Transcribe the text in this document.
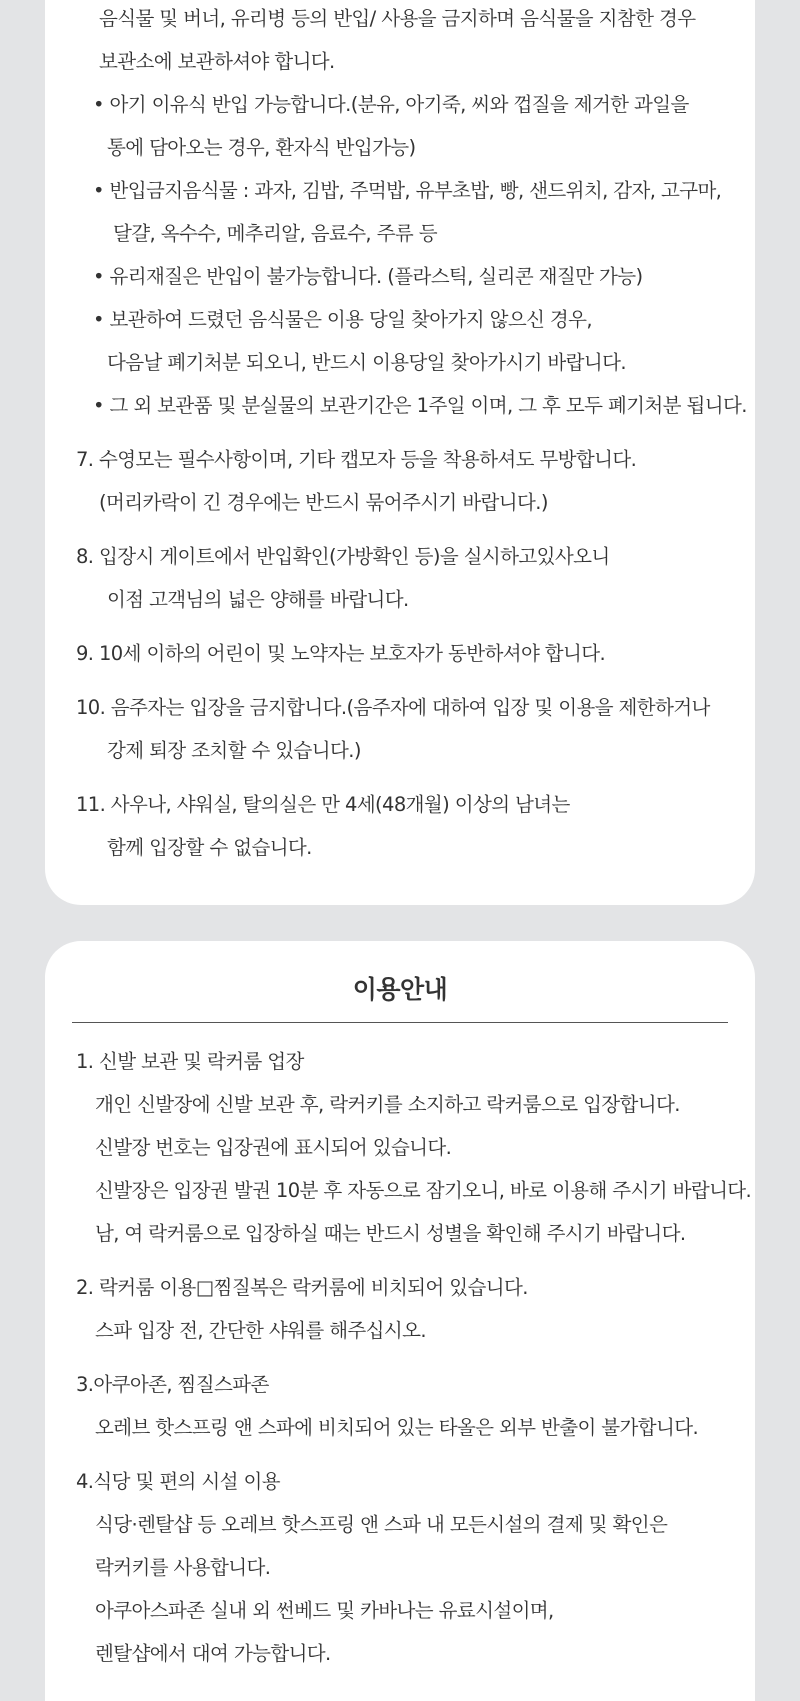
음식물 및 버너, 유리병 등의 반입/ 사용을 금지하며 음식물을 지참한 경우
보관소에 보관하셔야 합니다.
• 아기 이유식 반입 가능합니다.(분유, 아기죽, 씨와 껍질을 제거한 과일을
통에 담아오는 경우, 환자식 반입가능)
• 반입금지음식물 : 과자, 김밥, 주먹밥, 유부초밥, 빵, 샌드위치, 감자, 고구마,
달걀, 옥수수, 메추리알, 음료수, 주류 등
• 유리재질은 반입이 불가능합니다. (플라스틱, 실리콘 재질만 가능)
• 보관하여 드렸던 음식물은 이용 당일 찾아가지 않으신 경우,
다음날 폐기처분 되오니, 반드시 이용당일 찾아가시기 바랍니다.
• 그 외 보관품 및 분실물의 보관기간은 1주일 이며, 그 후 모두 폐기처분 됩니다.
7. 수영모는 필수사항이며, 기타 캡모자 등을 착용하셔도 무방합니다.
(머리카락이 긴 경우에는 반드시 묶어주시기 바랍니다.)
8. 입장시 게이트에서 반입확인(가방확인 등)을 실시하고있사오니
이점 고객님의 넓은 양해를 바랍니다.
9. 10세 이하의 어린이 및 노약자는 보호자가 동반하셔야 합니다.
10. 음주자는 입장을 금지합니다.(음주자에 대하여 입장 및 이용을 제한하거나
강제 퇴장 조치할 수 있습니다.)
11. 사우나, 샤워실, 탈의실은 만 4세(48개월) 이상의 남녀는
함께 입장할 수 없습니다.
이용안내
1. 신발 보관 및 락커룸 업장
개인 신발장에 신발 보관 후, 락커키를 소지하고 락커룸으로 입장합니다.
신발장 번호는 입장권에 표시되어 있습니다.
신발장은 입장권 발권 10분 후 자동으로 잠기오니, 바로 이용해 주시기 바랍니다.
남, 여 락커룸으로 입장하실 때는 반드시 성별을 확인해 주시기 바랍니다.
2. 락커룸 이용□찜질복은 락커룸에 비치되어 있습니다.
스파 입장 전, 간단한 샤워를 해주십시오.
3.아쿠아존, 찜질스파존
오레브 핫스프링 앤 스파에 비치되어 있는 타올은 외부 반출이 불가합니다.
4.식당 및 편의 시설 이용
식당·렌탈샵 등 오레브 핫스프링 앤 스파 내 모든시설의 결제 및 확인은
락커키를 사용합니다.
아쿠아스파존 실내 외 썬베드 및 카바나는 유료시설이며,
렌탈샵에서 대여 가능합니다.
